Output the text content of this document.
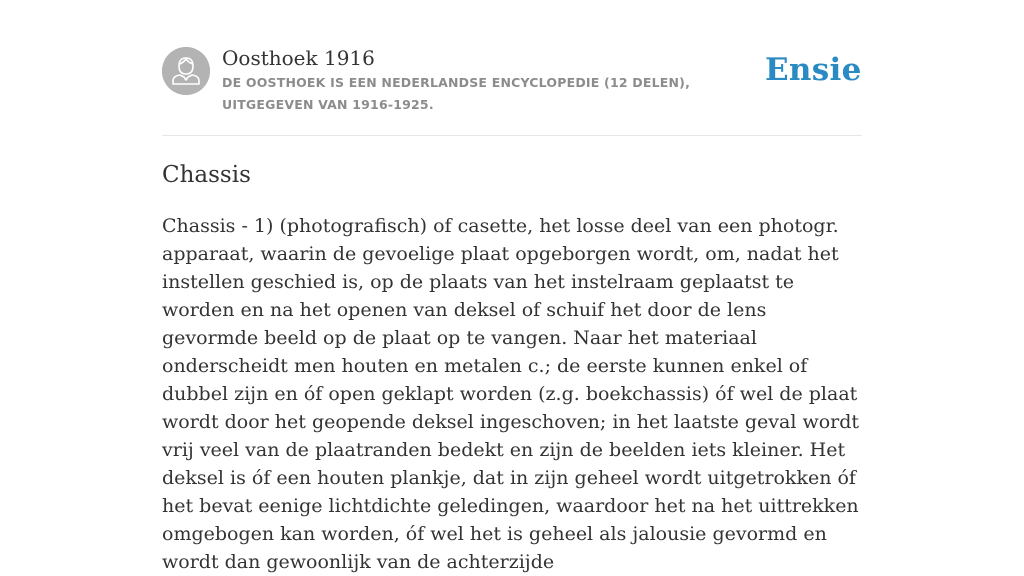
Oosthoek 1916

DE OOSTHOEK IS EEN NEDERLANDSE ENCYCLOPEDIE (12 DELEN), UITGEGEVEN VAN 1916-1925.

Ensie
Chassis

Chassis - 1) (photografisch) of casette, het losse deel van een photogr. apparaat, waarin de gevoelige plaat opgeborgen wordt, om, nadat het instellen geschied is, op de plaats van het instelraam geplaatst te worden en na het openen van deksel of schuif het door de lens gevormde beeld op de plaat op te vangen. Naar het materiaal onderscheidt men houten en metalen c.; de eerste kunnen enkel of dubbel zijn en óf open geklapt worden (z.g. boekchassis) óf wel de plaat wordt door het geopende deksel ingeschoven; in het laatste geval wordt vrij veel van de plaatranden bedekt en zijn de beelden iets kleiner. Het deksel is óf een houten plankje, dat in zijn geheel wordt uitgetrokken óf het bevat eenige lichtdichte geledingen, waardoor het na het uittrekken omgebogen kan worden, óf wel het is geheel als jalousie gevormd en wordt dan gewoonlijk van de achterzijde
